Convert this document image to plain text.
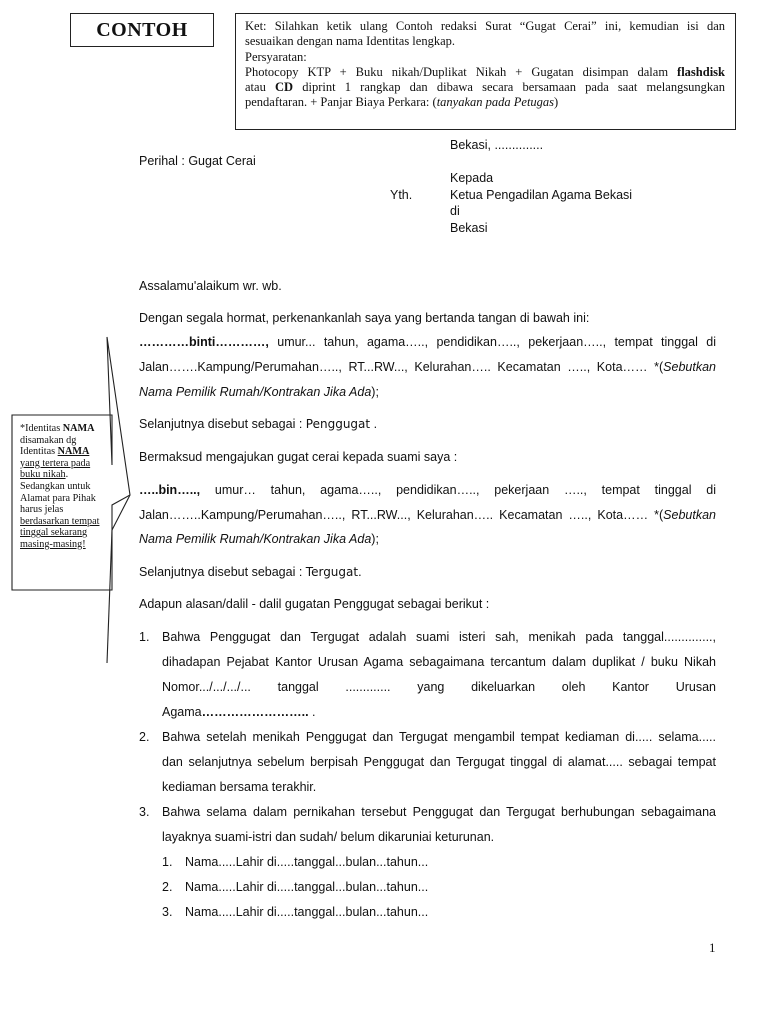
CONTOH	Ket: Silahkan ketik ulang Contoh redaksi Surat “Gugat Cerai” ini, kemudian isi dan
sesuaikan dengan nama Identitas lengkap.
Persyaratan:
Photocopy KTP + Buku nikah/Duplikat Nikah + Gugatan disimpan dalam flashdisk
atau CD diprint 1 rangkap dan dibawa secara bersamaan pada saat melangsungkan
pendaftaran. + Panjar Biaya Perkara: (tanyakan pada Petugas)
Bekasi, ..............
Perihal : Gugat Cerai
Kepada
Yth.	Ketua Pengadilan Agama Bekasi
di
Bekasi
Assalamu'alaikum wr. wb.
Dengan segala hormat, perkenankanlah saya yang bertanda tangan di bawah ini:
…………binti…………, umur... tahun, agama….., pendidikan….., pekerjaan….., tempat tinggal di
Jalan…….Kampung/Perumahan….., RT...RW..., Kelurahan….. Kecamatan ….., Kota…… *(Sebutkan
Nama Pemilik Rumah/Kontrakan Jika Ada);
Selanjutnya disebut sebagai : Penggugat .
Bermaksud mengajukan gugat cerai kepada suami saya :
…..bin….., umur… tahun, agama….., pendidikan….., pekerjaan ….., tempat tinggal di
Jalan……..Kampung/Perumahan….., RT...RW..., Kelurahan….. Kecamatan ….., Kota…… *(Sebutkan
Nama Pemilik Rumah/Kontrakan Jika Ada);
Selanjutnya disebut sebagai : Tergugat.
Adapun alasan/dalil - dalil gugatan Penggugat sebagai berikut :
1. Bahwa Penggugat dan Tergugat adalah suami isteri sah, menikah pada tanggal..............,
dihadapan Pejabat Kantor Urusan Agama sebagaimana tercantum dalam duplikat / buku Nikah
Nomor.../.../.../... tanggal ............. yang dikeluarkan oleh Kantor Urusan
Agama…………………….. .
2. Bahwa setelah menikah Penggugat dan Tergugat mengambil tempat kediaman di..... selama.....
dan selanjutnya sebelum berpisah Penggugat dan Tergugat tinggal di alamat..... sebagai tempat
kediaman bersama terakhir.
3. Bahwa selama dalam pernikahan tersebut Penggugat dan Tergugat berhubungan sebagaimana
layaknya suami-istri dan sudah/ belum dikaruniai keturunan.
1. Nama.....Lahir di.....tanggal...bulan...tahun...
2. Nama.....Lahir di.....tanggal...bulan...tahun...
3. Nama.....Lahir di.....tanggal...bulan...tahun...
*Identitas NAMA
disamakan dg
Identitas NAMA
yang tertera pada
buku nikah.
Sedangkan untuk
Alamat para Pihak
harus jelas
berdasarkan tempat
tinggal sekarang
masing-masing!
1
